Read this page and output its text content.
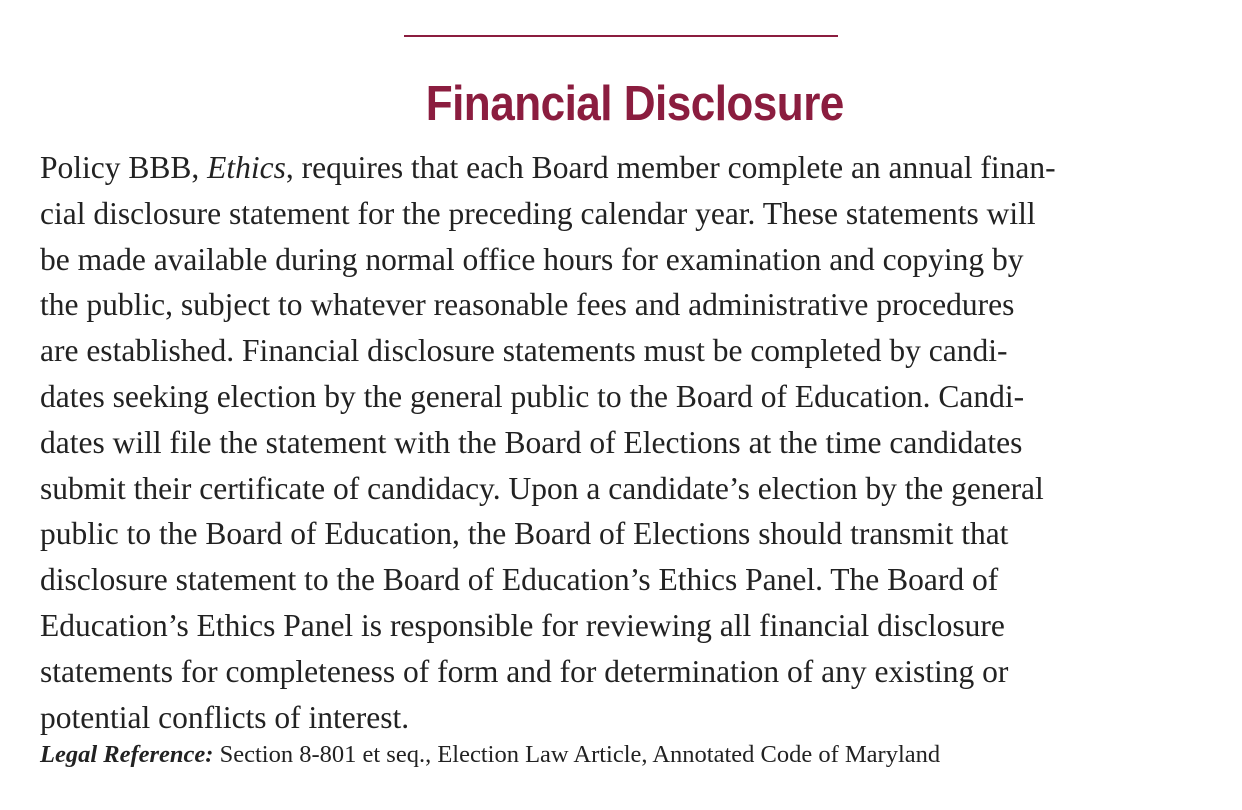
Financial Disclosure

Policy BBB, Ethics, requires that each Board member complete an annual finan-
cial disclosure statement for the preceding calendar year. These statements will
be made available during normal office hours for examination and copying by
the public, subject to whatever reasonable fees and administrative procedures
are established. Financial disclosure statements must be completed by candi-
dates seeking election by the general public to the Board of Education. Candi-
dates will file the statement with the Board of Elections at the time candidates
submit their certificate of candidacy. Upon a candidate’s election by the general
public to the Board of Education, the Board of Elections should transmit that
disclosure statement to the Board of Education’s Ethics Panel. The Board of
Education’s Ethics Panel is responsible for reviewing all financial disclosure
statements for completeness of form and for determination of any existing or
potential conflicts of interest.

Legal Reference: Section 8-801 et seq., Election Law Article, Annotated Code of Maryland
